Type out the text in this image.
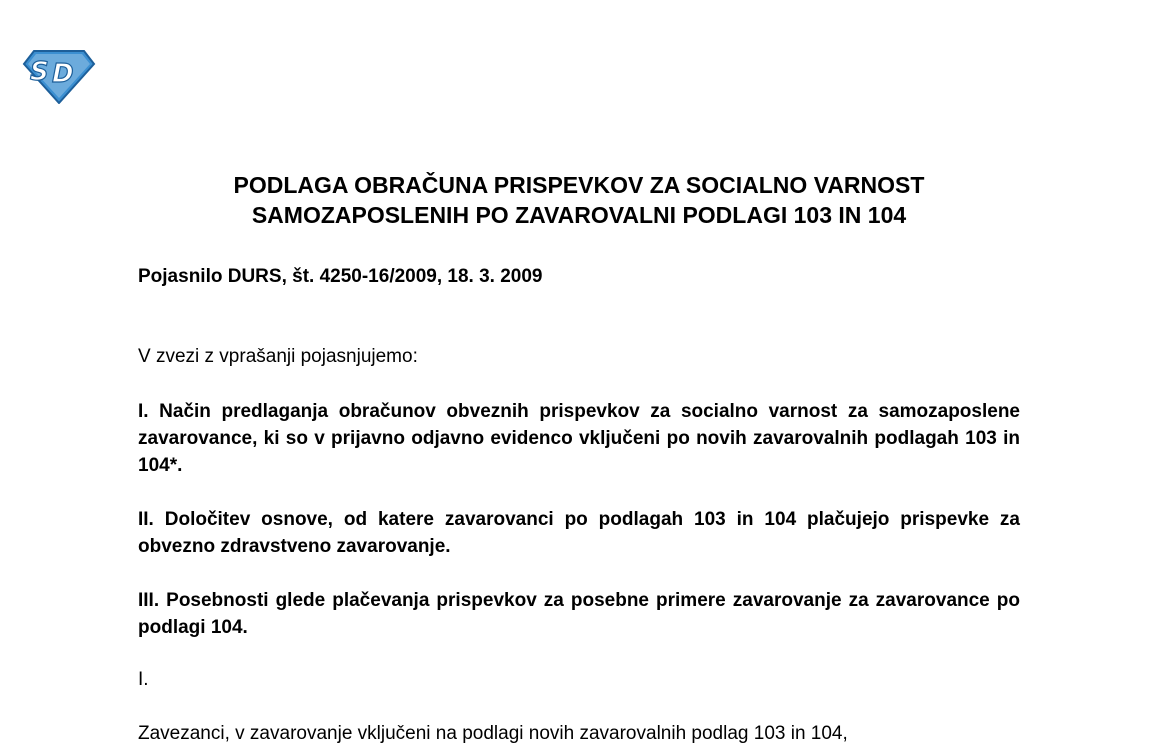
S D
PODLAGA OBRAČUNA PRISPEVKOV ZA SOCIALNO VARNOST
SAMOZAPOSLENIH PO ZAVAROVALNI PODLAGI 103 IN 104
Pojasnilo DURS, št. 4250-16/2009, 18. 3. 2009
V zvezi z vprašanji pojasnjujemo:
I. Način predlaganja obračunov obveznih prispevkov za socialno varnost za samozaposlene zavarovance, ki so v prijavno odjavno evidenco vključeni po novih zavarovalnih podlagah 103 in 104*.
II. Določitev osnove, od katere zavarovanci po podlagah 103 in 104 plačujejo prispevke za obvezno zdravstveno zavarovanje.
III. Posebnosti glede plačevanja prispevkov za posebne primere zavarovanje za zavarovance po podlagi 104.
I.
Zavezanci, v zavarovanje vključeni na podlagi novih zavarovalnih podlag 103 in 104,
